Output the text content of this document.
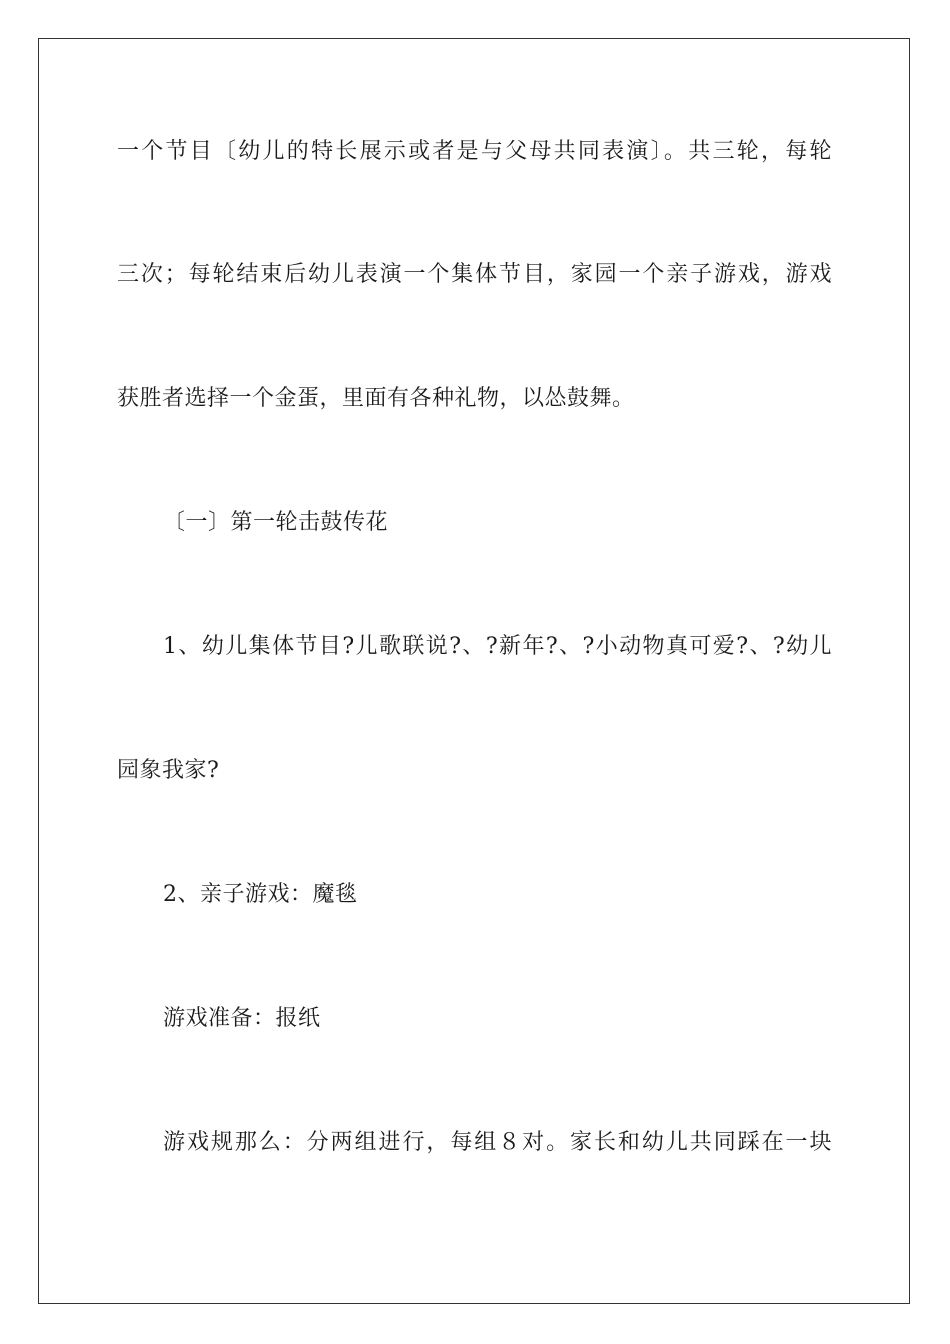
一个节目〔幼儿的特长展示或者是与父母共同表演〕。共三轮，每轮
三次；每轮结束后幼儿表演一个集体节目，家园一个亲子游戏，游戏
获胜者选择一个金蛋，里面有各种礼物，以怂鼓舞。
〔一〕第一轮击鼓传花
1、幼儿集体节目?儿歌联说?、?新年?、?小动物真可爱?、?幼儿
园象我家?
2、亲子游戏：魔毯
游戏准备：报纸
游戏规那么：分两组进行，每组８对。家长和幼儿共同踩在一块
